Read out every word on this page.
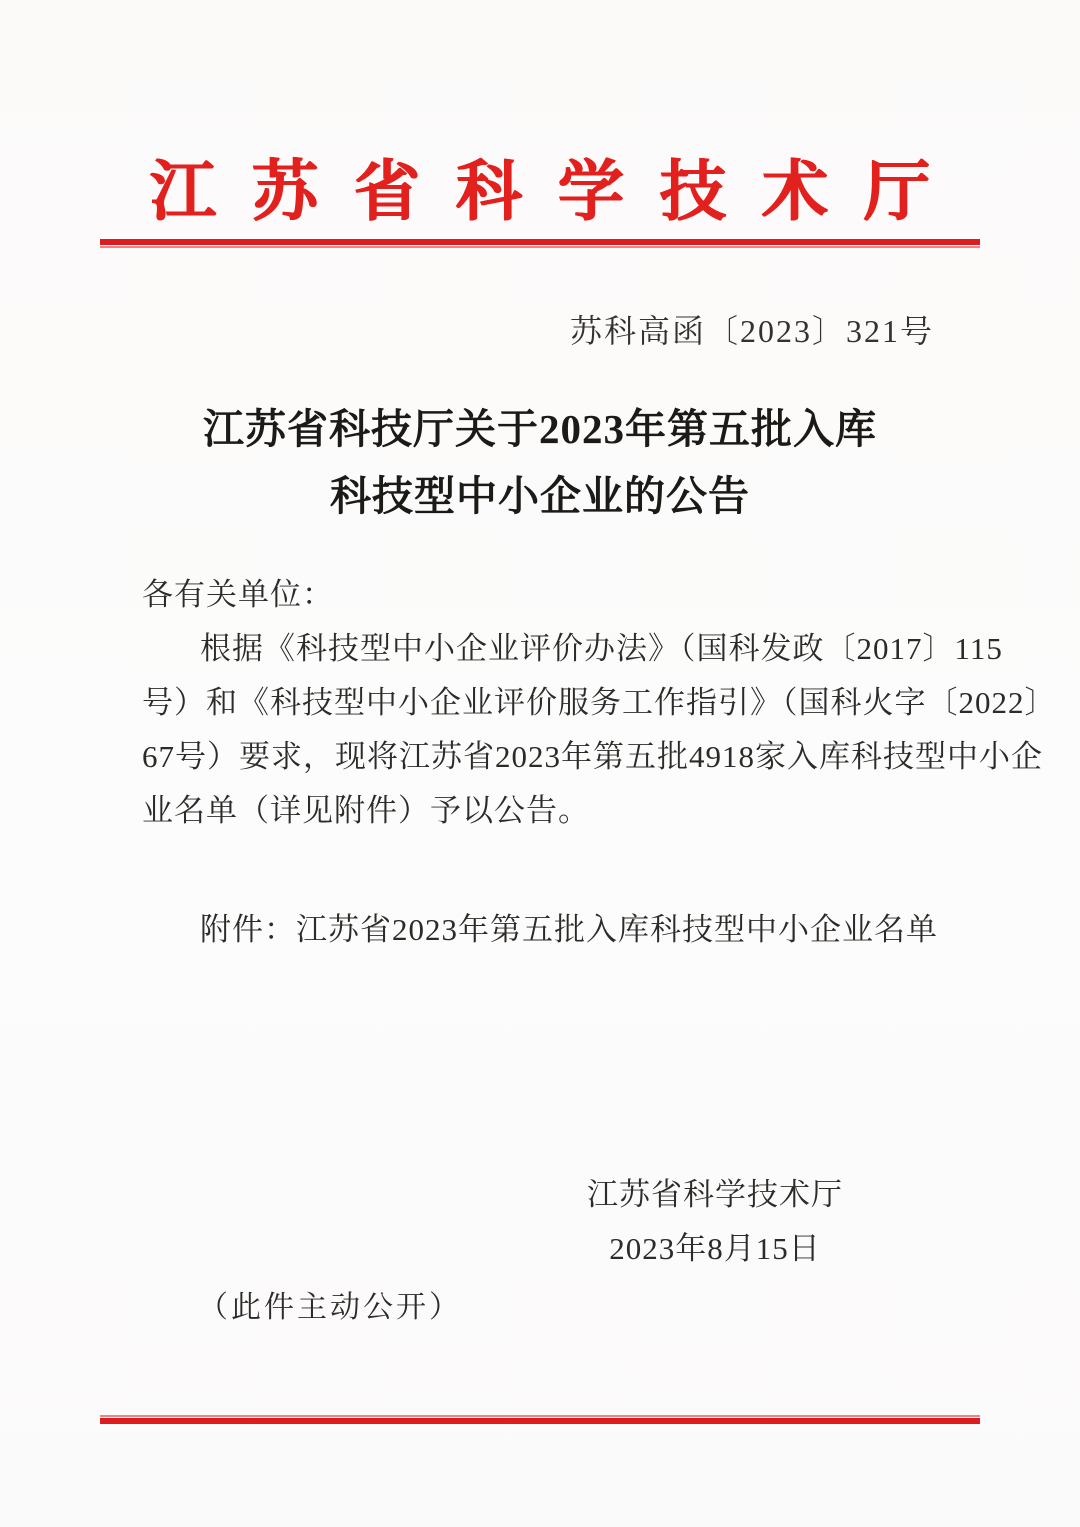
江苏省科学技术厅
苏科高函〔2023〕321号
江苏省科技厅关于2023年第五批入库
科技型中小企业的公告
各有关单位：
根据《科技型中小企业评价办法》（国科发政〔2017〕115
号）和《科技型中小企业评价服务工作指引》（国科火字〔2022〕
67号）要求，现将江苏省2023年第五批4918家入库科技型中小企
业名单（详见附件）予以公告。
附件：江苏省2023年第五批入库科技型中小企业名单
江苏省科学技术厅
2023年8月15日
（此件主动公开）
